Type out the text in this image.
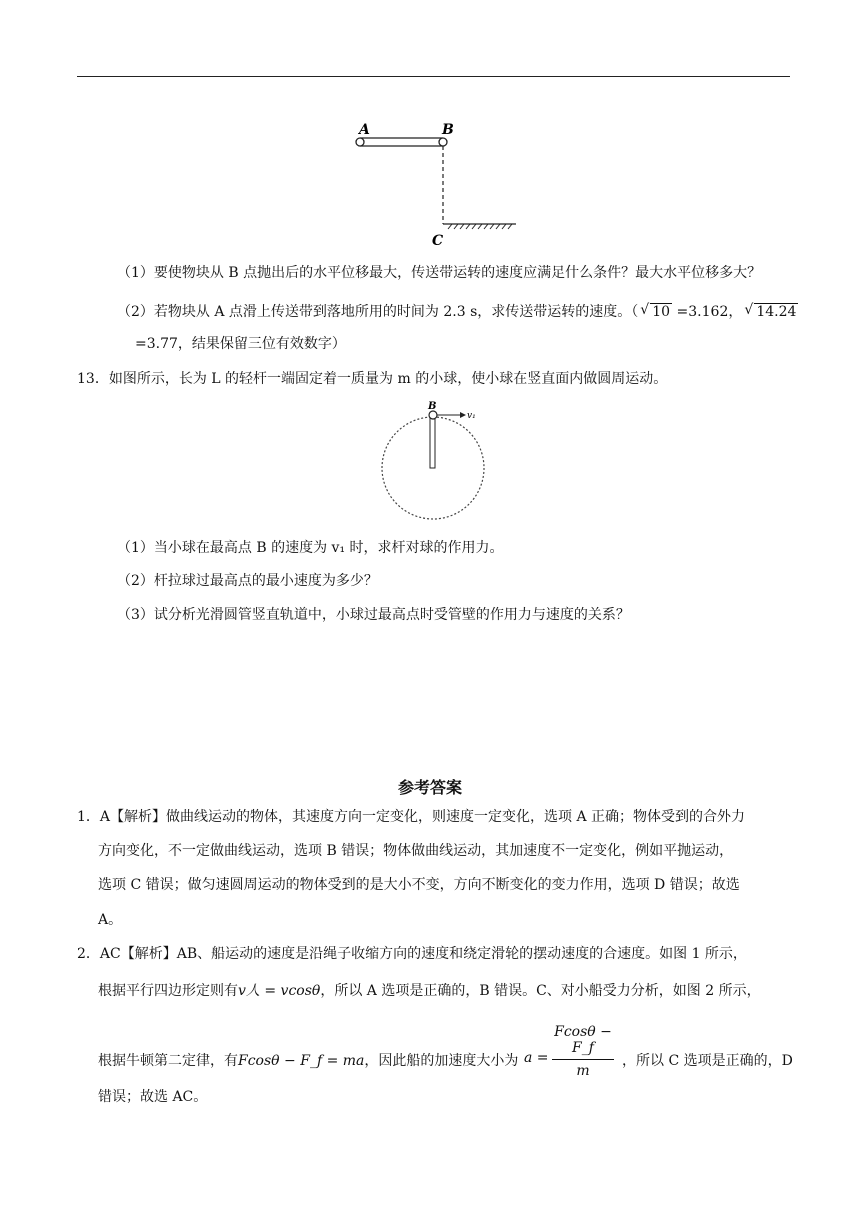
A	B
C
（1）要使物块从 B 点抛出后的水平位移最大，传送带运转的速度应满足什么条件？最大水平位移多大？
（2）若物块从 A 点滑上传送带到落地所用的时间为 2.3 s，求传送带运转的速度。（ √ 10 =3.162， √ 14.24
=3.77，结果保留三位有效数字）
13．如图所示，长为 L 的轻杆一端固定着一质量为 m 的小球，使小球在竖直面内做圆周运动。
B
v₁
（1）当小球在最高点 B 的速度为 v₁ 时，求杆对球的作用力。
（2）杆拉球过最高点的最小速度为多少？
（3）试分析光滑圆管竖直轨道中，小球过最高点时受管壁的作用力与速度的关系？
参考答案
1．A【解析】做曲线运动的物体，其速度方向一定变化，则速度一定变化，选项 A 正确；物体受到的合外力
方向变化，不一定做曲线运动，选项 B 错误；物体做曲线运动，其加速度不一定变化，例如平抛运动，
选项 C 错误；做匀速圆周运动的物体受到的是大小不变，方向不断变化的变力作用，选项 D 错误；故选
A。
2．AC【解析】AB、船运动的速度是沿绳子收缩方向的速度和绕定滑轮的摆动速度的合速度。如图 1 所示，
根据平行四边形定则有v人 = vcosθ，所以 A 选项是正确的，B 错误。C、对小船受力分析，如图 2 所示，
根据牛顿第二定律，有Fcosθ − F_f = ma，因此船的加速度大小为 a =
Fcosθ − F_f
m
，所以 C 选项是正确的，D
错误；故选 AC。
